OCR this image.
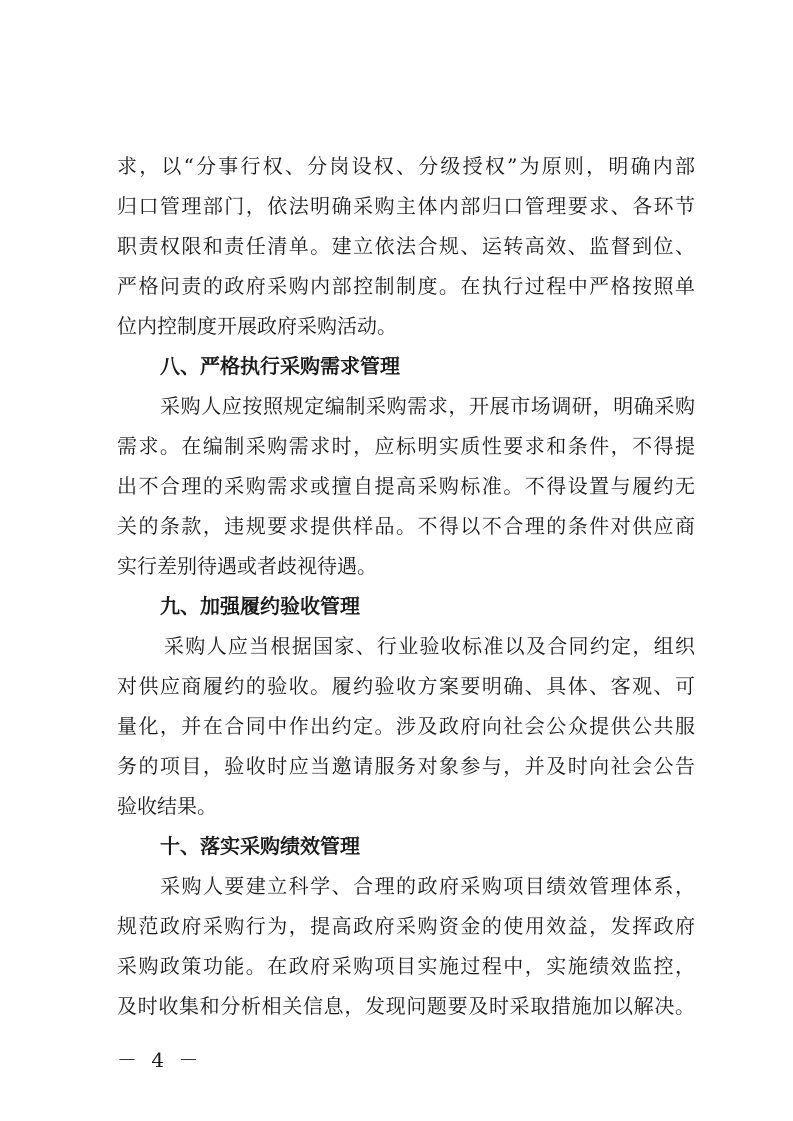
求，以“分事行权、分岗设权、分级授权”为原则，明确内部
归口管理部门，依法明确采购主体内部归口管理要求、各环节
职责权限和责任清单。建立依法合规、运转高效、监督到位、
严格问责的政府采购内部控制制度。在执行过程中严格按照单
位内控制度开展政府采购活动。
八、严格执行采购需求管理
采购人应按照规定编制采购需求，开展市场调研，明确采购
需求。在编制采购需求时，应标明实质性要求和条件，不得提
出不合理的采购需求或擅自提高采购标准。不得设置与履约无
关的条款，违规要求提供样品。不得以不合理的条件对供应商
实行差别待遇或者歧视待遇。
九、加强履约验收管理
采购人应当根据国家、行业验收标准以及合同约定，组织
对供应商履约的验收。履约验收方案要明确、具体、客观、可
量化，并在合同中作出约定。涉及政府向社会公众提供公共服
务的项目，验收时应当邀请服务对象参与，并及时向社会公告
验收结果。
十、落实采购绩效管理
采购人要建立科学、合理的政府采购项目绩效管理体系，
规范政府采购行为，提高政府采购资金的使用效益，发挥政府
采购政策功能。在政府采购项目实施过程中，实施绩效监控，
及时收集和分析相关信息，发现问题要及时采取措施加以解决。
－ 4 －
